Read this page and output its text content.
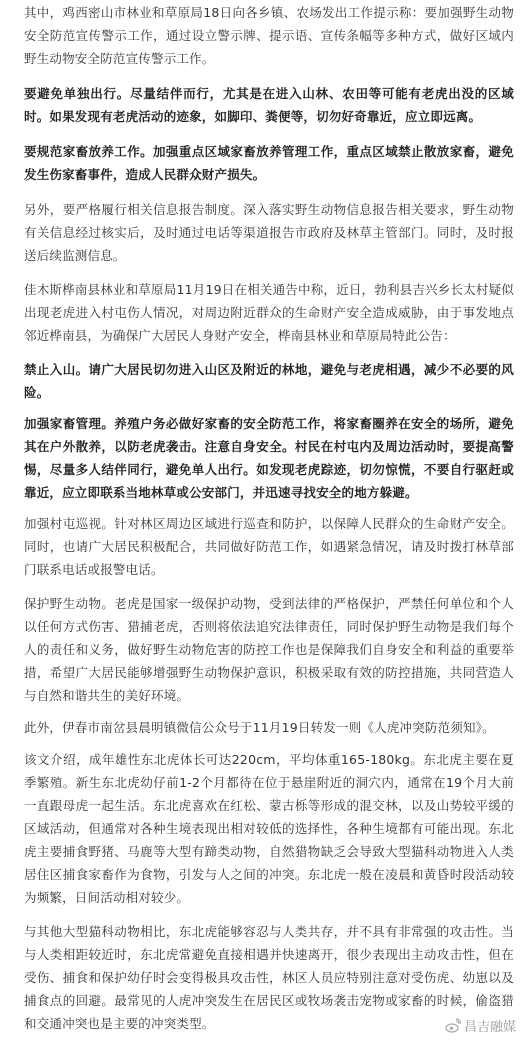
其中，鸡西密山市林业和草原局18日向各乡镇、农场发出工作提示称：要加强野生动物安全防范宣传警示工作，通过设立警示牌、提示语、宣传条幅等多种方式，做好区域内野生动物安全防范宣传警示工作。

要避免单独出行。尽量结伴而行，尤其是在进入山林、农田等可能有老虎出没的区域时。如果发现有老虎活动的迹象，如脚印、粪便等，切勿好奇靠近，应立即远离。

要规范家畜放养工作。加强重点区域家畜放养管理工作，重点区域禁止散放家畜，避免发生伤家畜事件，造成人民群众财产损失。

另外，要严格履行相关信息报告制度。深入落实野生动物信息报告相关要求，野生动物有关信息经过核实后，及时通过电话等渠道报告市政府及林草主管部门。同时，及时报送后续监测信息。

佳木斯桦南县林业和草原局11月19日在相关通告中称，近日，勃利县吉兴乡长太村疑似出现老虎进入村屯伤人情况，对周边附近群众的生命财产安全造成威胁，由于事发地点邻近桦南县，为确保广大居民人身财产安全，桦南县林业和草原局特此公告：

禁止入山。请广大居民切勿进入山区及附近的林地，避免与老虎相遇，减少不必要的风险。

加强家畜管理。养殖户务必做好家畜的安全防范工作，将家畜圈养在安全的场所，避免其在户外散养，以防老虎袭击。注意自身安全。村民在村屯内及周边活动时，要提高警惕，尽量多人结伴同行，避免单人出行。如发现老虎踪迹，切勿惊慌，不要自行驱赶或靠近，应立即联系当地林草或公安部门，并迅速寻找安全的地方躲避。

加强村屯巡视。针对林区周边区域进行巡查和防护，以保障人民群众的生命财产安全。同时，也请广大居民积极配合，共同做好防范工作，如遇紧急情况，请及时拨打林草部门联系电话或报警电话。

保护野生动物。老虎是国家一级保护动物，受到法律的严格保护，严禁任何单位和个人以任何方式伤害、猎捕老虎，否则将依法追究法律责任，同时保护野生动物是我们每个人的责任和义务，做好野生动物危害的防控工作也是保障我们自身安全和利益的重要举措，希望广大居民能够增强野生动物保护意识，积极采取有效的防控措施，共同营造人与自然和谐共生的美好环境。

此外，伊春市南岔县晨明镇微信公众号于11月19日转发一则《人虎冲突防范须知》。

该文介绍，成年雄性东北虎体长可达220cm，平均体重165-180kg。东北虎主要在夏季繁殖。新生东北虎幼仔前1-2个月都待在位于悬崖附近的洞穴内，通常在19个月大前一直跟母虎一起生活。东北虎喜欢在红松、蒙古栎等形成的混交林，以及山势较平缓的区域活动，但通常对各种生境表现出相对较低的选择性，各种生境都有可能出现。东北虎主要捕食野猪、马鹿等大型有蹄类动物，自然猎物缺乏会导致大型猫科动物进入人类居住区捕食家畜作为食物，引发与人之间的冲突。东北虎一般在凌晨和黄昏时段活动较为频繁，日间活动相对较少。

与其他大型猫科动物相比，东北虎能够容忍与人类共存，并不具有非常强的攻击性。当与人类相距较近时，东北虎常避免直接相遇并快速离开，很少表现出主动攻击性，但在受伤、捕食和保护幼仔时会变得极具攻击性，林区人员应特别注意对受伤虎、幼崽以及捕食点的回避。最常见的人虎冲突发生在居民区或牧场袭击宠物或家畜的时候，偷盗猎和交通冲突也是主要的冲突类型。	昌吉融媒
